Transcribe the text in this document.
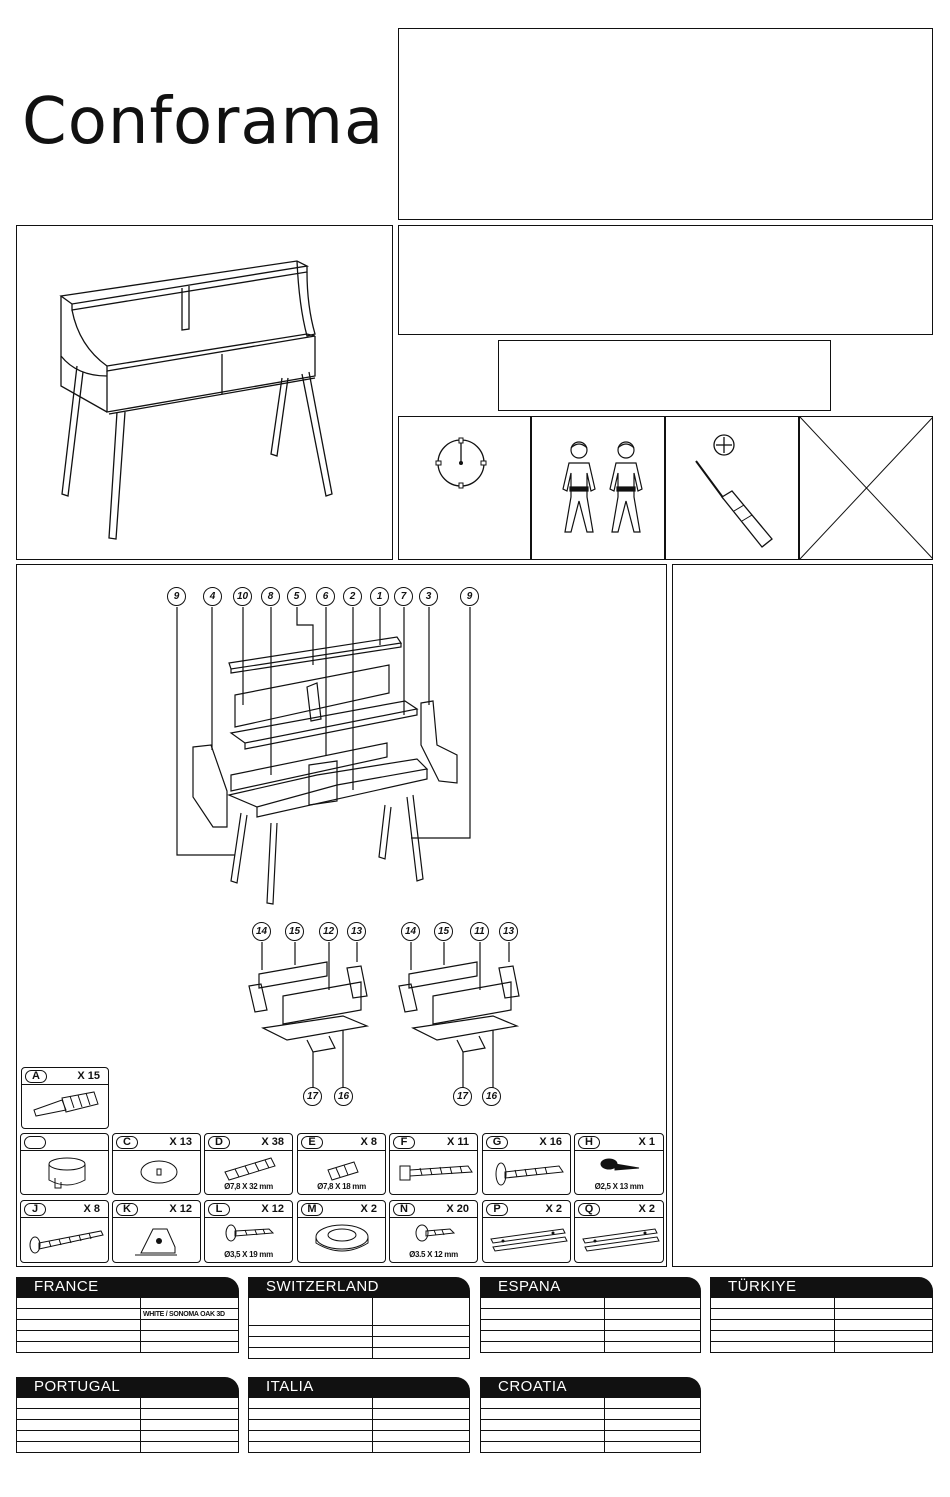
Conforama
9	4	10	8	5	6	2	1	7	3	9
14	15	12	13
17	16
14	15	11	13
17	16
A	X 15
C	X 13	D	X 38
Ø7,8 X 32 mm
E	X 8
Ø7,8 X 18 mm
F	X 11	G	X 16	H	X 1
Ø2,5 X 13 mm
J	X 8	K	X 12	L	X 12
Ø3,5 X 19 mm
M	X 2	N	X 20
Ø3.5 X 12 mm
P	X 2	Q	X 2
FRANCE

	WHITE / SONOMA OAK 3D

SWITZERLAND

		ESPANA

		TÜRKIYE

PORTUGAL

		ITALIA

		CROATIA
